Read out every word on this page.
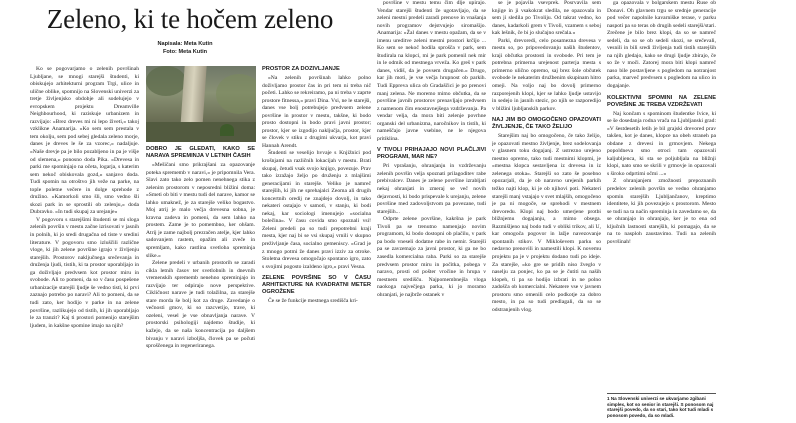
Zeleno, ki te hočem zeleno
Napisala: Meta Kutin
Foto: Meta Kutin

Ko se pogovarjamo o zelenih površinah Ljubljane, se mnogi starejši študenti, ki obiskujejo arhitekturni program Trgi, ulice in ulične oblike, spomnijo na Slovenski univerzi za tretje življenjsko obdobje ali sodelujejo v evropskem projektu Dreamville Neighbourhood, ki raziskuje urbanizem in razvijajo: »Brez dreves mi ni lepo živeti,« takoj vzklikne Anamarija. »Ko sem sem prestala v tem okolju, sem pod sebej gledala zeleno morje, danes je dreves le še za vzorec,« nadaljuje. »Naše drevje pa je bilo pozabljeno in pa je višje od slemena,« ponosno doda Pika. »Drevesa in parki me spominjajo na očeta, logarja, s katerim sem nekoč obiskovala gozd,« sanjavo doda. Tudi spomin na otroštvo jih veže na parke, na tople poletne večere in dolge sprehode z družino. »Kamorkoli smo šli, smo vedno šli skozi park in se sprostili ob zelenju,« doda Dubravko. »In tudi skupaj za urejanje«

V pogovoru s starejšimi študenti se mi sloga zelenih površin v mestu začne izrisovati v jasnih in polnih, ki jo sredi drugačna od tiste v sredini literature. V pogovoru smo izluščili različne vloge, ki jih zelene površine igrajo v življenju starejših. Prostorov naključnega srečevanja in druženja ljudi, tistih, ki ta prostor uporabljajo in ga doživljajo predvsem kot prostor miru in svobode. Ali to pomeni, da so v času pospešene urbanizacije starejši ljudje še vedno tisti, ki prvi zaznajo potrebo po naravi? Ali to pomeni, da se tudi zato, ker hodijo v parke in na zelene površine, razlikujejo od tistih, ki jih uporabljajo le za tranzit? Kaj ti prostori pomenijo starejšim ljudem, in kakšne spomine imajo na njih?

DOBRO JE GLEDATI, KAKO SE NARAVA SPREMINJA V LETNIH ČASIH

»Mešičani smo prikrajšani za opazovanje poteka sprememb v naravi,« je pripomnila Vera. Slavi zato tako zelo pomen nenehnega stika z zelenim prostorom v neposredni bližini doma: »Smeti ob biti v mestu tudi del narave, kamor se lahko umaknež, je za starejše veliko bogastvo. Moj atrij je malo večja drevesna sobna, je kravna zadeva in pomeni, da sem lahko na prostem. Zame je to pomembno, ker ohšam. Atrij je zame najbolj prezračen atelje, kjer lahko sadovanjem rastem, opažim ali zveče in spremljam, kako rastlina svetloba spreminja slike.«

Zelene predeli v urbanih prostorih se zaradi cikla letnih časov ter svetlobnih in dnevnih vremenskih sprememb nenehno spreminjajo in razvijajo ter odpirajo nove perspektive. Cikličnost narave je tudi tolažilna, za starejše stare morda še bolj kot za druge. Zavedanje o večnosti gmov, ki so razcvetijo, trave, ki ozeleni, vesel je vse obnavljanja narave. V prostorski psihologiji najdemo študije, ki kažejo, da se naša koncentracija po daljšem bivanju v naravi izboljša, človek pa se počuti sproščenega in regeneriranega.

PROSTOR ZA DOŽIVLJANJE

»Na zelenih površinah lahko polno doživljamo prostor čas in pri tem ni treba nič početi. Lahko se rekreiramo, pa ni treba v zaprte prostore fitnessa,« pravi Dina. Vsi, ne le starejši, danes vse bolj potrebujejo predvsem zelene površine in prostor v mestu, takšne, ki bodo prosto dostopni in bodo pravi javni prostor; prostor, kjer se izgodijo naključja, prostor, kjer se človek v stiku z drugimi ukvarja, kot pravi Hannah Arendt.

Študenti se veselijo hvvaje s Knjižnici pod krošnjami na različnih lokacijah v mestu. Brati skupaj, četudi vsak svojo knjigo, povezuje. Prav tako izražajo željo po druženju z mlajšimi generacijami in starejše. Veliko je namreč starejših, ki jih ne sprehajalci Zeoma ali drugih koncertnih oredij ne znajdejo dovolj, in tako nekateri ostajajo v samoti, v stanju, ki bodi nekaj, kar sociologi imenujejo »socialna bolečina«. V času covida smo spoznali vsi! Zeleni predeli pa so tudi prepotrebni kraji mesta, kjer naj bi se vsi skupaj vrnili v skupno preživljanje časa, socialno gemeniscy. »Grad je z mnogo potmi že danes pravi izziv za otroke. Stoletna drevesa omogočajo spontano igro, zato s svojimi pogosto izaldeno igro,« pravi Vesna.

ZELENE POVRŠINE SO V ČASU ARHITEKTURE NA KVADRATNI METER OGROŽENE

Če se že funkcije mestnega središča kri-

površine v mestu temu čim dlje upirajo. Vendar starejši študenti že ugotavljajo, da se zeleni mestni predeli zaradi prenove in vnašanja novih programov dejstvujejo siromašijo. Anamarija: »Žal danes v mestu opažam, da se v imenu ureditve zeleni mestni prostori krčijo ... Ko sem se nekoč hodila sprošča v park, sem študirala na klopci, mi je park pomenil nek mir in le odmik od mestnega vrveža. Ko greš v park danes, vidiš, da je povsem drugačen.« Drugo, kar jih moti, je vse večja hrupnost ob parkih. Tudi Eppreva ulica ob Gradaščici je po prenovi manj zelena. Ne moremo mimo občutka, da se površine javnih prostorov prenavljajo predvsem z namenom čim enostavnejšega vzdrževanja. Pa vendar velja, da mora biti zelenje povrhne organski del urbanizma, naročnikov in tistih, ki nameščajo javne vsebine, ne le njegova pritiklina.

V TIVOLI PRIHAJAJO NOVI PLAČLJIVI PROGRAMI, MAR NE?

Pri vprašanju, ohranjanju in vzdrževanju zelenih površin velja spoznati prilagoditev rabe prebivalcev. Danes je zelene površine izrabljati nekaj ohranjati in zmeraj se več novih dejavnosti, ki bodo prispevale k urejanju, zelene površine med zadovoljstvom pa povezane, tudi starejših...

Odprte zelene površine, kakršna je park Tivoli pa se trenutno namenjajo novim programom, ki bodo dostopni ob plačilu, v park pa bodo vneseli dodatne rabe in nemir. Starejši pa se zavzemajo za javni prostor, ki ga ne bo zasedla komercialna raba. Parki so za starejše predvsem prostor miru in počitka, pobega v naravo, prosti od pošter vročine in hrupa v mestnem središču. Najpomembnejša vloga naokoga največjega parka, ki jo moramo ohranjati, je najbrže ostanek v

se je pojavila vsevprek. Posrvavila sem knjige in ji vsakokrat sledila, ne opazovala in sem ji sledila po Tivoliju. Od takrat vedno, ko danes, kadarkoli grem v Tivoli, vzamem s seboj kak lešnik, če bi jo slučajno srečala.«

Parki, drevoredi, celo posamezna drevesa v mestu so, po pripovedovanju naših študentov, kraji občutka prostosti in svobode. Pri tem je potrebna primerna urejenost parterja mesta s primerno ulično opremo, saj brez šole občutek svobode le nekaterim družbenim skupinam hitro omeji. Na voljo naj bo dovolj primerno razporejenih klopi, kjer se lahko ljudje ustavijo in sedejo in jasnih stezic, po njih se razporedijo v bližini ljubljanskih parkov.

NAJ JIM BO OMOGOČENO OPAZOVATI ŽIVLJENJE, ČE TAKO ŽELIJO

Starejšim naj bo omogočeno, če tako želijo, je opazovati mestno življenje, brez sodelovanja v glasnem toku dogajanj. Z ustrezno urejeno mestno opremo, tako tudi mestnimi klopmi, je »mestna klopca sestavljena iz drevesa in iz zelenega otoka«. Starejši so zato še posebno opozarjali, da je ob naravno urejenih parkih težko najti klop, ki je ob njihovi poti. Nekateri starejši manj vstajajo v svet mlajših, omogočeno je pa ni mogoče, se sprehodi v mestnem drevoredu. Klopi naj bodo umerjene protbi bližnjemu dogajanju, a mimo obsega. Razmišljeno naj bodo tudi v obliki trikov, ali U, kar omogoča pogovor in lažje navezovanje spontanih stikov. V Mikloševem parku so nedavno prenovili in namestili klopi. K novemu projektu pa je v projektu dodano tudi po ideje. Za starejše, »ko gre se pridih niso žveglo v naselju za ponjec, ko pa se je čutiti na naših klopeh, ti pa so hodijo izbrati in ne polno zadošča ob komercialni. Nekatere vse v javnem prostoru smo omenili celo podkotje za dobro mesto, in pa so tudi predlagali, da so se odstranjenih vlog.

ga opazovala v bolgarskem mestu Ruse ob Donavi. Oh glavnem trgu se srednje generacije pod večer napolnile kavarniške terase, v parku naspoti pa so teras ob drugih sedeli starejši/stari. Zrečene je bilo brez klopi, da so se namreč sedeli, da so se ob sedeli skozi, se srečevali, vesnili in bili sredi življenja tudi tistih starejših na njih gledajo, kako se drugi ljudje zbirajo, če so že v moči. Zatorej mora biti klopi namreč naso bile postavljene s pogledom na notranjost parka, marveč predvsem s pogledom na ulico in dogajanje.

KOLEKTIVNI SPOMINI NA ZELENE POVRŠINE JE TREBA VZDRŽEVATI

Naj končam s spominom študentke Ivice, ki se še dosedanja rodna vrača na Ljubljanski grad: »V šestdesetih letih je bil grajski drevored prav takšen, kot je danes, klopce na obeh straneh pa obdane z drevesi in grmovjem. Nekega popoldneva smo otroci tam opazovali kaljubljenca, ki sta se poljubljala na bližnji klopi, nato smo se skrili v grmovje in opazovali s široko odprtimi očmi ...«

Z ohranjanjem zmožnosti prepoznanih predelov zelenih površin se vedno ohranjamo spomin starejših Ljubljančanov, kreptimo identitete, ki jih povezujejo s prostorom. Mesto se tudi na ta način spreminja in zavedamo se, da se ohranjajo in ohranjajo, ker je to ena od ključnih lastnosti starejših, ki pomagajo, da se na to nasploh zaustavimo. Tudi na zelenih površinah!

1 Na Slovenski univerzi se ukvarjamo zgibani simplex, kot so senior in starejši. S ponosom naj starejši povedo, da so stari, tako kot tudi mladi s ponosom povedo, da so mladi.
